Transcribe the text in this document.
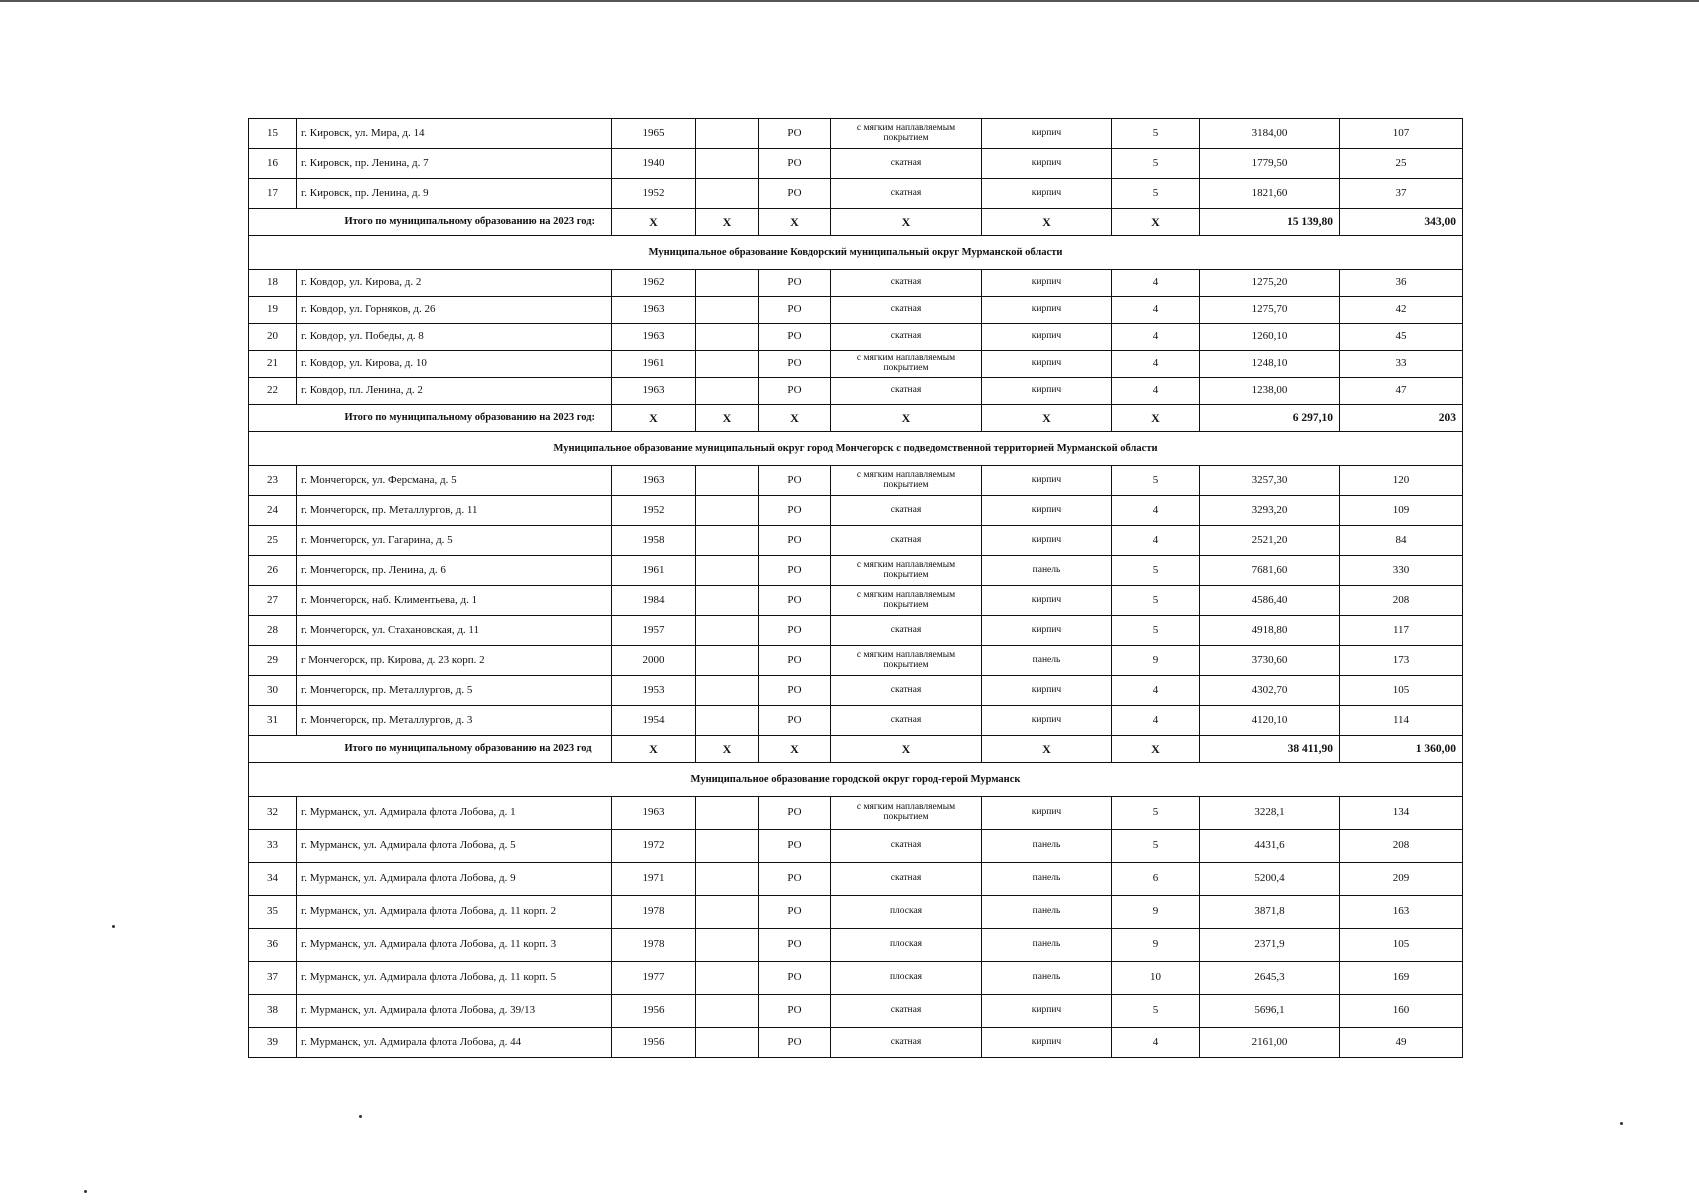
15	г. Кировск, ул. Мира, д. 14	1965		РО	с мягким наплавляемым покрытием	кирпич	5	3184,00	107
16	г. Кировск, пр. Ленина, д. 7	1940		РО	скатная	кирпич	5	1779,50	25
17	г. Кировск, пр. Ленина, д. 9	1952		РО	скатная	кирпич	5	1821,60	37
	Итого по муниципальному образованию на 2023 год:	X	X	X	X	X	X	15 139,80	343,00
Муниципальное образование Ковдорский муниципальный округ Мурманской области									
18	г. Ковдор, ул. Кирова, д. 2	1962		РО	скатная	кирпич	4	1275,20	36
19	г. Ковдор, ул. Горняков, д. 26	1963		РО	скатная	кирпич	4	1275,70	42
20	г. Ковдор, ул. Победы, д. 8	1963		РО	скатная	кирпич	4	1260,10	45
21	г. Ковдор, ул. Кирова, д. 10	1961		РО	с мягким наплавляемым покрытием	кирпич	4	1248,10	33
22	г. Ковдор, пл. Ленина, д. 2	1963		РО	скатная	кирпич	4	1238,00	47
	Итого по муниципальному образованию на 2023 год:	X	X	X	X	X	X	6 297,10	203
Муниципальное образование муниципальный округ город Мончегорск с подведомственной территорией Мурманской области									
23	г. Мончегорск, ул. Ферсмана, д. 5	1963		РО	с мягким наплавляемым покрытием	кирпич	5	3257,30	120
24	г. Мончегорск, пр. Металлургов, д. 11	1952		РО	скатная	кирпич	4	3293,20	109
25	г. Мончегорск, ул. Гагарина, д. 5	1958		РО	скатная	кирпич	4	2521,20	84
26	г. Мончегорск, пр. Ленина, д. 6	1961		РО	с мягким наплавляемым покрытием	панель	5	7681,60	330
27	г. Мончегорск, наб. Климентьева, д. 1	1984		РО	с мягким наплавляемым покрытием	кирпич	5	4586,40	208
28	г. Мончегорск, ул. Стахановская, д. 11	1957		РО	скатная	кирпич	5	4918,80	117
29	г Мончегорск, пр. Кирова, д. 23 корп. 2	2000		РО	с мягким наплавляемым покрытием	панель	9	3730,60	173
30	г. Мончегорск, пр. Металлургов, д. 5	1953		РО	скатная	кирпич	4	4302,70	105
31	г. Мончегорск, пр. Металлургов, д. 3	1954		РО	скатная	кирпич	4	4120,10	114
	Итого по муниципальному образованию на 2023 год	X	X	X	X	X	X	38 411,90	1 360,00
Муниципальное образование городской округ город-герой Мурманск									
32	г. Мурманск, ул. Адмирала флота Лобова, д. 1	1963		РО	с мягким наплавляемым покрытием	кирпич	5	3228,1	134
33	г. Мурманск, ул. Адмирала флота Лобова, д. 5	1972		РО	скатная	панель	5	4431,6	208
34	г. Мурманск, ул. Адмирала флота Лобова, д. 9	1971		РО	скатная	панель	6	5200,4	209
35	г. Мурманск, ул. Адмирала флота Лобова, д. 11 корп. 2	1978		РО	плоская	панель	9	3871,8	163
36	г. Мурманск, ул. Адмирала флота Лобова, д. 11 корп. 3	1978		РО	плоская	панель	9	2371,9	105
37	г. Мурманск, ул. Адмирала флота Лобова, д. 11 корп. 5	1977		РО	плоская	панель	10	2645,3	169
38	г. Мурманск, ул. Адмирала флота Лобова, д. 39/13	1956		РО	скатная	кирпич	5	5696,1	160
39	г. Мурманск, ул. Адмирала флота Лобова, д. 44	1956		РО	скатная	кирпич	4	2161,00	49
